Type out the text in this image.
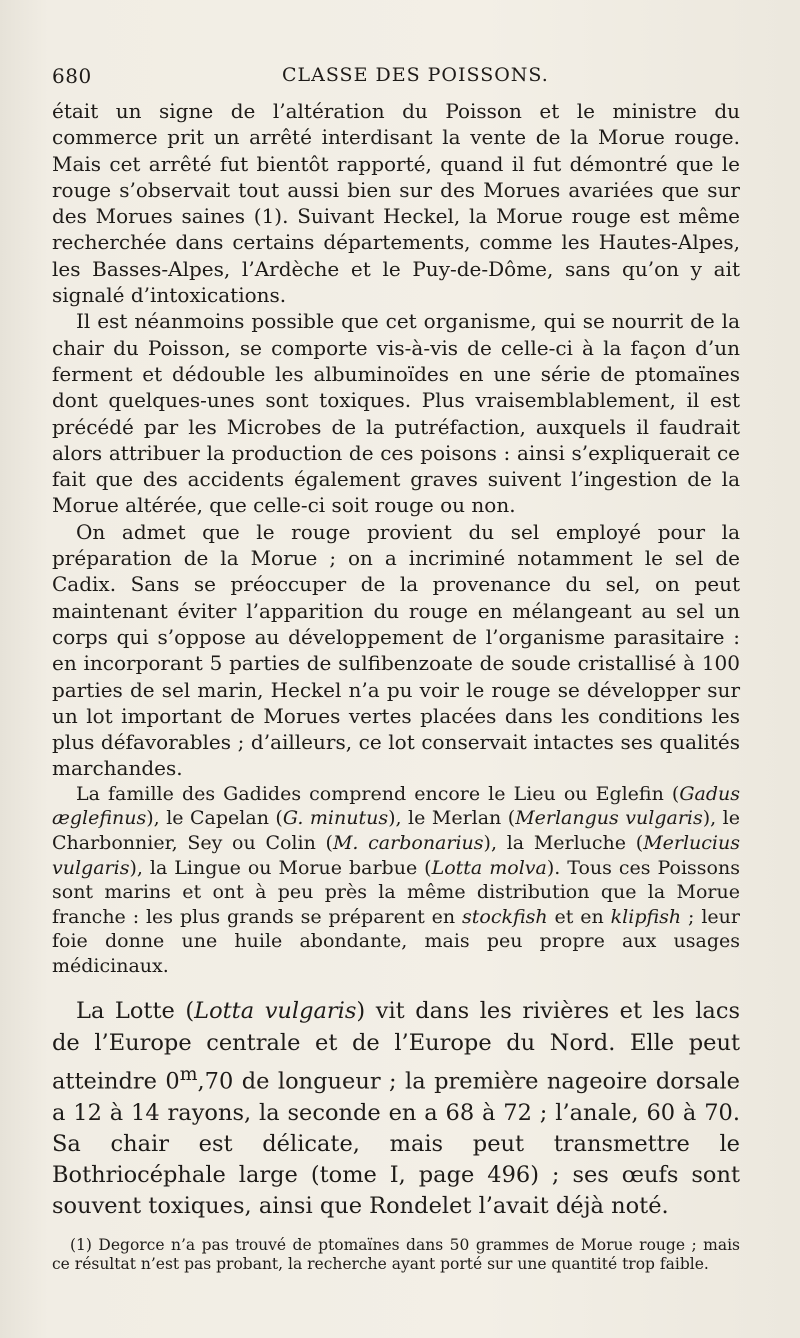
680	CLASSE DES POISSONS.

était un signe de l’altération du Poisson et le ministre du commerce prit un arrêté interdisant la vente de la Morue rouge. Mais cet arrêté fut bientôt rapporté, quand il fut démontré que le rouge s’observait tout aussi bien sur des Morues avariées que sur des Morues saines (1). Suivant Heckel, la Morue rouge est même recherchée dans certains départements, comme les Hautes-Alpes, les Basses-Alpes, l’Ardèche et le Puy-de-Dôme, sans qu’on y ait signalé d’intoxications.

Il est néanmoins possible que cet organisme, qui se nourrit de la chair du Poisson, se comporte vis-à-vis de celle-ci à la façon d’un ferment et dédouble les albuminoïdes en une série de ptomaïnes dont quelques-unes sont toxiques. Plus vraisemblablement, il est précédé par les Microbes de la putréfaction, auxquels il faudrait alors attribuer la production de ces poisons : ainsi s’expliquerait ce fait que des accidents également graves suivent l’ingestion de la Morue altérée, que celle-ci soit rouge ou non.

On admet que le rouge provient du sel employé pour la préparation de la Morue ; on a incriminé notamment le sel de Cadix. Sans se préoccuper de la provenance du sel, on peut maintenant éviter l’apparition du rouge en mélangeant au sel un corps qui s’oppose au développement de l’organisme parasitaire : en incorporant 5 parties de sulfibenzoate de soude cristallisé à 100 parties de sel marin, Heckel n’a pu voir le rouge se développer sur un lot important de Morues vertes placées dans les conditions les plus défavorables ; d’ailleurs, ce lot conservait intactes ses qualités marchandes.

La famille des Gadides comprend encore le Lieu ou Eglefin (Gadus æglefinus), le Capelan (G. minutus), le Merlan (Merlangus vulgaris), le Charbonnier, Sey ou Colin (M. carbonarius), la Merluche (Merlucius vulgaris), la Lingue ou Morue barbue (Lotta molva). Tous ces Poissons sont marins et ont à peu près la même distribution que la Morue franche : les plus grands se préparent en stockfish et en klipfish ; leur foie donne une huile abondante, mais peu propre aux usages médicinaux.

La Lotte (Lotta vulgaris) vit dans les rivières et les lacs de l’Europe centrale et de l’Europe du Nord. Elle peut atteindre 0$^m$,70 de longueur ; la première nageoire dorsale a 12 à 14 rayons, la seconde en a 68 à 72 ; l’anale, 60 à 70. Sa chair est délicate, mais peut transmettre le Bothriocéphale large (tome I, page 496) ; ses œufs sont souvent toxiques, ainsi que Rondelet l’avait déjà noté.

(1) Degorce n’a pas trouvé de ptomaïnes dans 50 grammes de Morue rouge ; mais ce résultat n’est pas probant, la recherche ayant porté sur une quantité trop faible.
